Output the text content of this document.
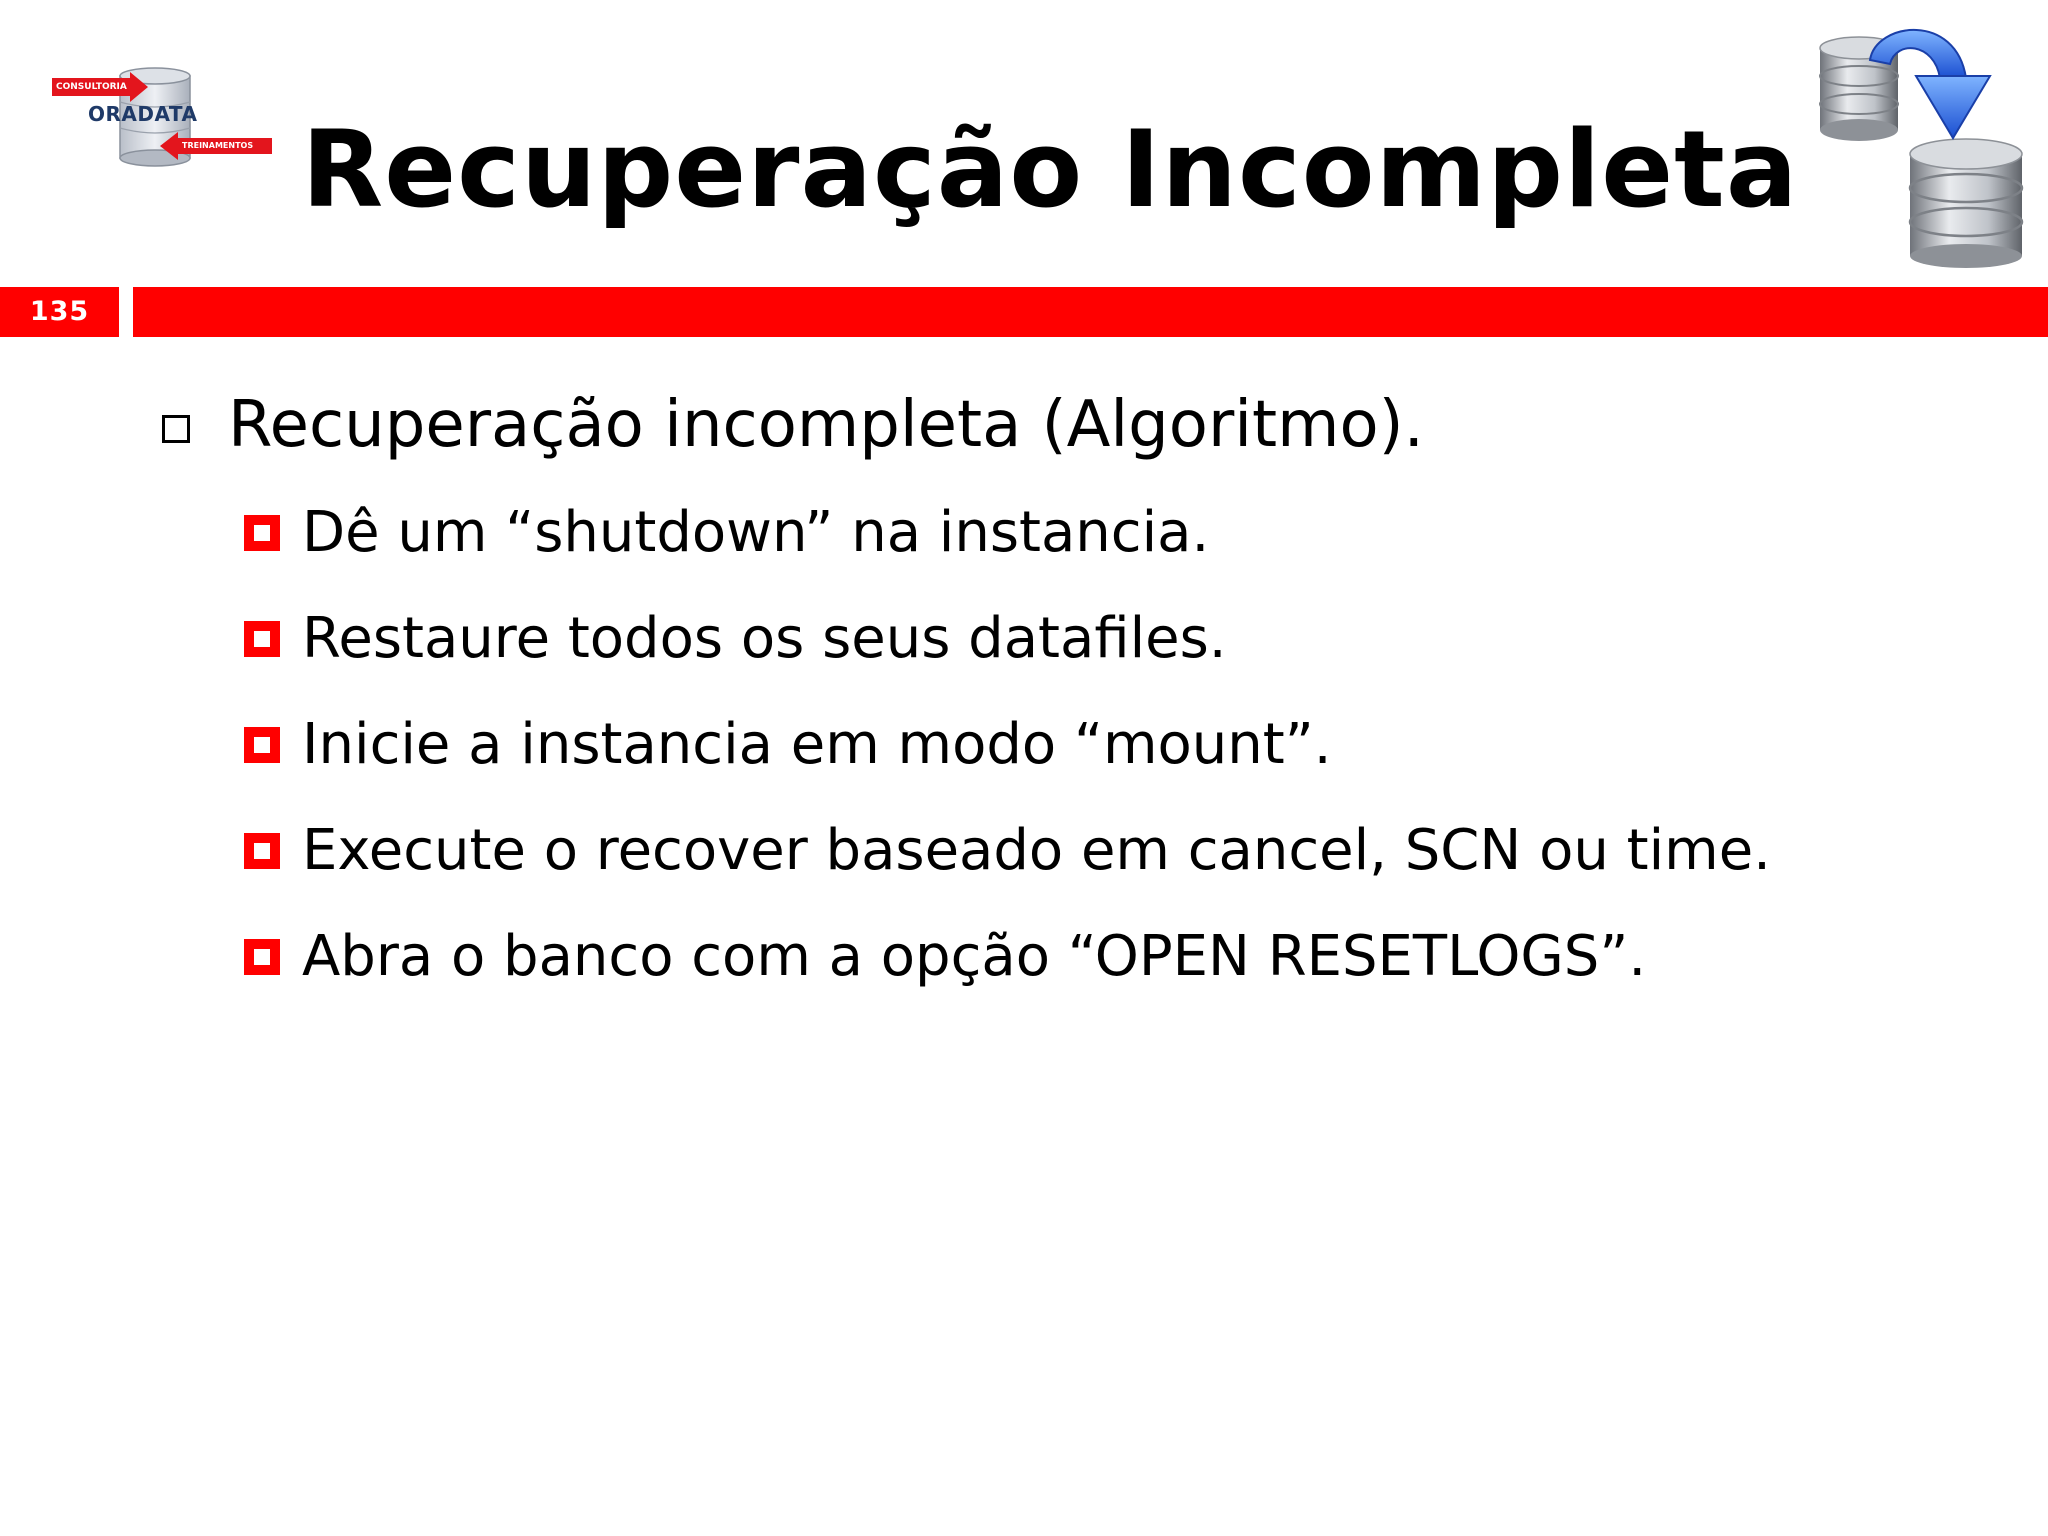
CONSULTORIA
ORADATA
TREINAMENTOS Recuperação Incompleta
135
Recuperação incompleta (Algoritmo).
Dê um “shutdown” na instancia.
Restaure todos os seus datafiles.
Inicie a instancia em modo “mount”.
Execute o recover baseado em cancel, SCN ou time.
Abra o banco com a opção “OPEN RESETLOGS”.
